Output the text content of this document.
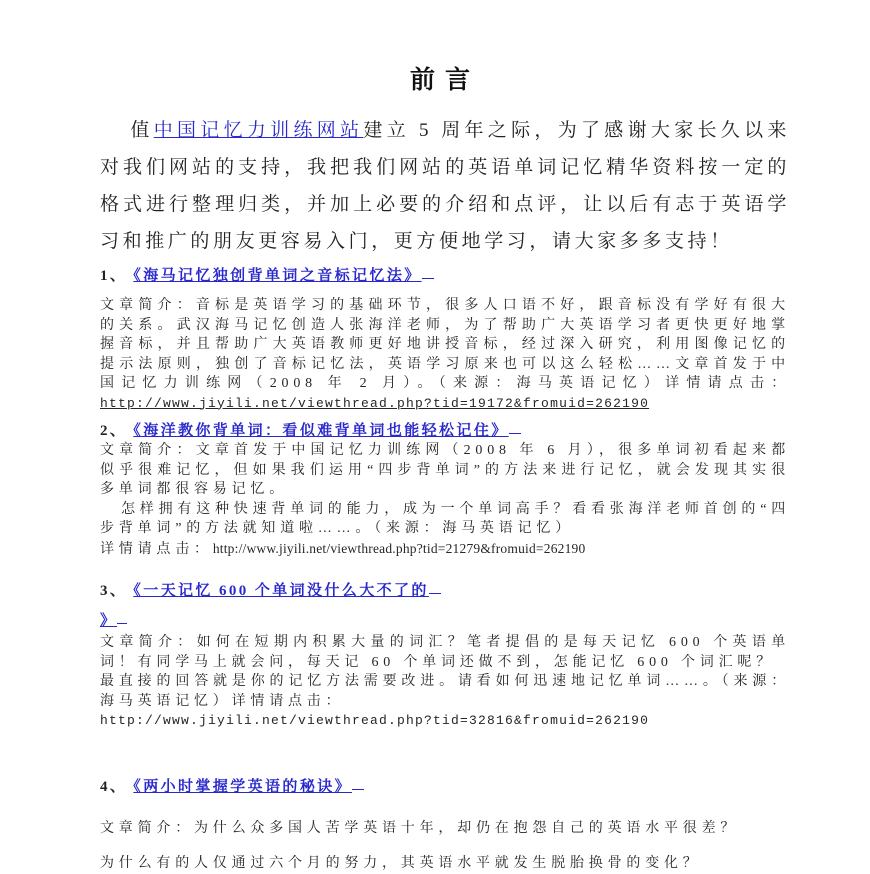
前言

值中国记忆力训练网站建立 5 周年之际，为了感谢大家长久以来对我们网站的支持，我把我们网站的英语单词记忆精华资料按一定的格式进行整理归类，并加上必要的介绍和点评，让以后有志于英语学习和推广的朋友更容易入门，更方便地学习，请大家多多支持！

1、 《海马记忆独创背单词之音标记忆法》

文章简介：音标是英语学习的基础环节，很多人口语不好，跟音标没有学好有很大的关系。武汉海马记忆创造人张海洋老师，为了帮助广大英语学习者更快更好地掌握音标，并且帮助广大英语教师更好地讲授音标，经过深入研究，利用图像记忆的提示法原则，独创了音标记忆法，英语学习原来也可以这么轻松……文章首发于中国记忆力训练网（2008 年 2 月）。（来源：海马英语记忆）详情请点击：http://www.jiyili.net/viewthread.php?tid=19172&fromuid=262190

2、 《海洋教你背单词：看似难背单词也能轻松记住》

文章简介：文章首发于中国记忆力训练网（2008 年 6 月），很多单词初看起来都似乎很难记忆，但如果我们运用“四步背单词”的方法来进行记忆，就会发现其实很多单词都很容易记忆。

怎样拥有这种快速背单词的能力，成为一个单词高手？看看张海洋老师首创的“四步背单词”的方法就知道啦……。（来源：海马英语记忆）

详情请点击：http://www.jiyili.net/viewthread.php?tid=21279&fromuid=262190

3、 《一天记忆 600 个单词没什么大不了的
》

文章简介：如何在短期内积累大量的词汇？笔者提倡的是每天记忆 600 个英语单词！有同学马上就会问，每天记 60 个单词还做不到，怎能记忆 600 个词汇呢？

最直接的回答就是你的记忆方法需要改进。请看如何迅速地记忆单词……。（来源：海马英语记忆）详情请点击：

http://www.jiyili.net/viewthread.php?tid=32816&fromuid=262190

4、 《两小时掌握学英语的秘诀》

文章简介：为什么众多国人苦学英语十年，却仍在抱怨自己的英语水平很差？

为什么有的人仅通过六个月的努力，其英语水平就发生脱胎换骨的变化？
